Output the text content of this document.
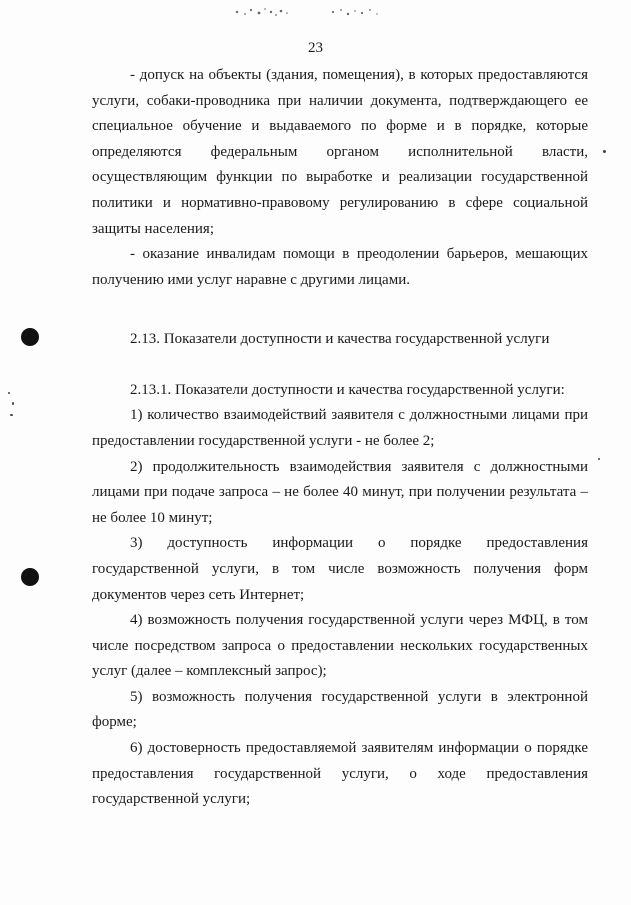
23

- допуск на объекты (здания, помещения), в которых предоставляются услуги, собаки-проводника при наличии документа, подтверждающего ее специальное обучение и выдаваемого по форме и в порядке, которые определяются федеральным органом исполнительной власти, осуществляющим функции по выработке и реализации государственной политики и нормативно-правовому регулированию в сфере социальной защиты населения;

- оказание инвалидам помощи в преодолении барьеров, мешающих получению ими услуг наравне с другими лицами.

2.13. Показатели доступности и качества государственной услуги

2.13.1. Показатели доступности и качества государственной услуги:

1) количество взаимодействий заявителя с должностными лицами при предоставлении государственной услуги - не более 2;

2) продолжительность взаимодействия заявителя с должностными лицами при подаче запроса – не более 40 минут, при получении результата – не более 10 минут;

3) доступность информации о порядке предоставления государственной услуги, в том числе возможность получения форм документов через сеть Интернет;

4) возможность получения государственной услуги через МФЦ, в том числе посредством запроса о предоставлении нескольких государственных услуг (далее – комплексный запрос);

5) возможность получения государственной услуги в электронной форме;

6) достоверность предоставляемой заявителям информации о порядке предоставления государственной услуги, о ходе предоставления государственной услуги;
